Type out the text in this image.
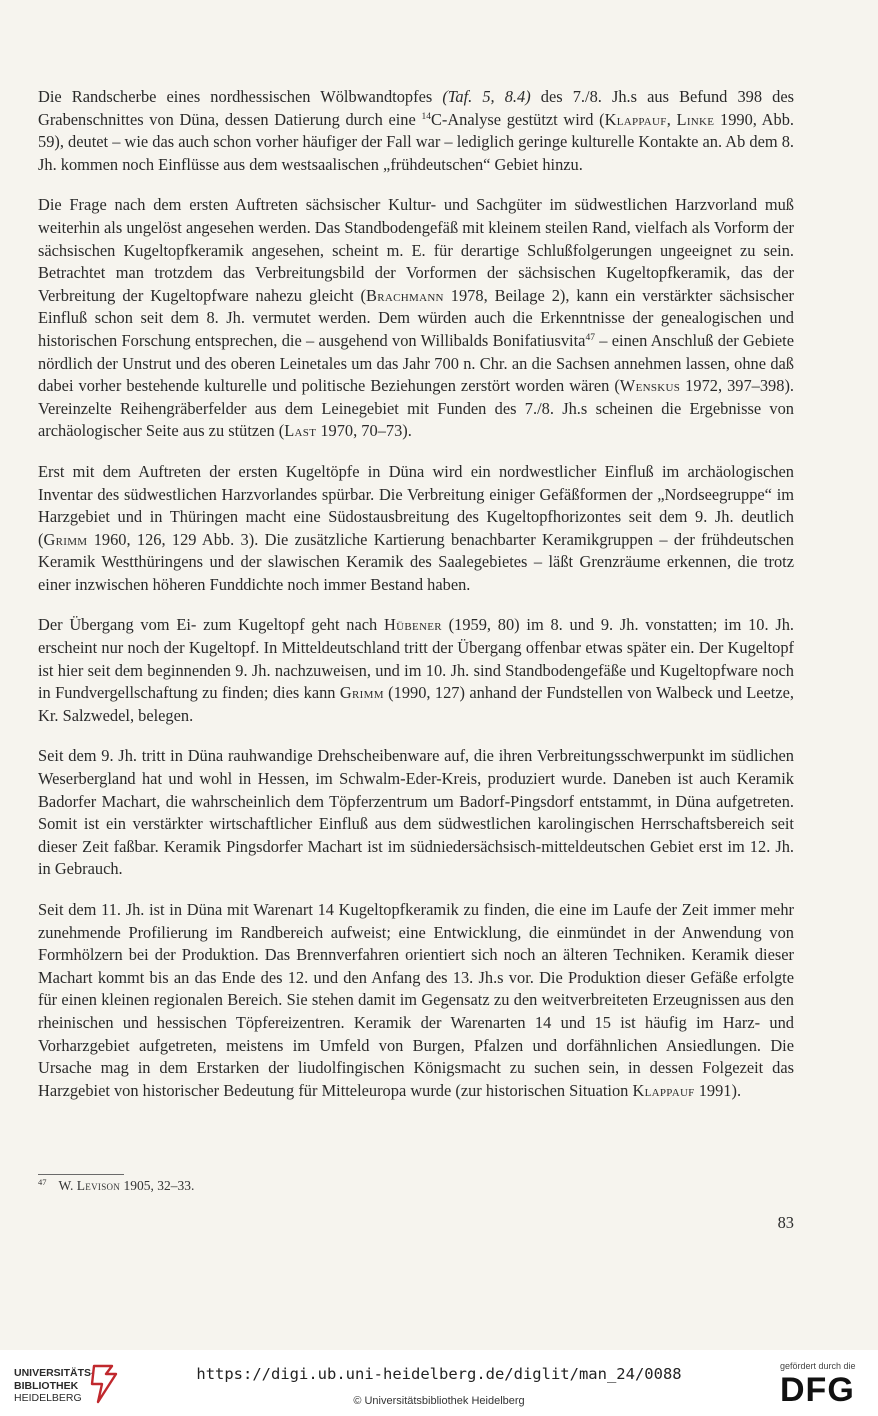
Die Randscherbe eines nordhessischen Wölbwandtopfes (Taf. 5, 8.4) des 7./8. Jh.s aus Befund 398 des Grabenschnittes von Düna, dessen Datierung durch eine $^{14}$C-Analyse gestützt wird (Klappauf, Linke 1990, Abb. 59), deutet – wie das auch schon vorher häufiger der Fall war – lediglich geringe kulturelle Kontakte an. Ab dem 8. Jh. kommen noch Einflüsse aus dem westsaalischen „frühdeutschen“ Gebiet hinzu.

Die Frage nach dem ersten Auftreten sächsischer Kultur- und Sachgüter im südwestlichen Harzvorland muß weiterhin als ungelöst angesehen werden. Das Standbodengefäß mit kleinem steilen Rand, vielfach als Vorform der sächsischen Kugeltopfkeramik angesehen, scheint m. E. für derartige Schlußfolgerungen ungeeignet zu sein. Betrachtet man trotzdem das Verbreitungsbild der Vorformen der sächsischen Kugeltopfkeramik, das der Verbreitung der Kugeltopfware nahezu gleicht (Brachmann 1978, Beilage 2), kann ein verstärkter sächsischer Einfluß schon seit dem 8. Jh. vermutet werden. Dem würden auch die Erkenntnisse der genealogischen und historischen Forschung entsprechen, die – ausgehend von Willibalds Bonifatiusvita$^{47}$ – einen Anschluß der Gebiete nördlich der Unstrut und des oberen Leinetales um das Jahr 700 n. Chr. an die Sachsen annehmen lassen, ohne daß dabei vorher bestehende kulturelle und politische Beziehungen zerstört worden wären (Wenskus 1972, 397–398). Vereinzelte Reihengräberfelder aus dem Leinegebiet mit Funden des 7./8. Jh.s scheinen die Ergebnisse von archäologischer Seite aus zu stützen (Last 1970, 70–73).

Erst mit dem Auftreten der ersten Kugeltöpfe in Düna wird ein nordwestlicher Einfluß im archäologischen Inventar des südwestlichen Harzvorlandes spürbar. Die Verbreitung einiger Gefäßformen der „Nordseegruppe“ im Harzgebiet und in Thüringen macht eine Südostausbreitung des Kugeltopfhorizontes seit dem 9. Jh. deutlich (Grimm 1960, 126, 129 Abb. 3). Die zusätzliche Kartierung benachbarter Keramikgruppen – der frühdeutschen Keramik Westthüringens und der slawischen Keramik des Saalegebietes – läßt Grenzräume erkennen, die trotz einer inzwischen höheren Funddichte noch immer Bestand haben.

Der Übergang vom Ei- zum Kugeltopf geht nach Hübener (1959, 80) im 8. und 9. Jh. vonstatten; im 10. Jh. erscheint nur noch der Kugeltopf. In Mitteldeutschland tritt der Übergang offenbar etwas später ein. Der Kugeltopf ist hier seit dem beginnenden 9. Jh. nachzuweisen, und im 10. Jh. sind Standbodengefäße und Kugeltopfware noch in Fundvergellschaftung zu finden; dies kann Grimm (1990, 127) anhand der Fundstellen von Walbeck und Leetze, Kr. Salzwedel, belegen.

Seit dem 9. Jh. tritt in Düna rauhwandige Drehscheibenware auf, die ihren Verbreitungsschwerpunkt im südlichen Weserbergland hat und wohl in Hessen, im Schwalm-Eder-Kreis, produziert wurde. Daneben ist auch Keramik Badorfer Machart, die wahrscheinlich dem Töpferzentrum um Badorf-Pingsdorf entstammt, in Düna aufgetreten. Somit ist ein verstärkter wirtschaftlicher Einfluß aus dem südwestlichen karolingischen Herrschaftsbereich seit dieser Zeit faßbar. Keramik Pingsdorfer Machart ist im südniedersächsisch-mitteldeutschen Gebiet erst im 12. Jh. in Gebrauch.

Seit dem 11. Jh. ist in Düna mit Warenart 14 Kugeltopfkeramik zu finden, die eine im Laufe der Zeit immer mehr zunehmende Profilierung im Randbereich aufweist; eine Entwicklung, die einmündet in der Anwendung von Formhölzern bei der Produktion. Das Brennverfahren orientiert sich noch an älteren Techniken. Keramik dieser Machart kommt bis an das Ende des 12. und den Anfang des 13. Jh.s vor. Die Produktion dieser Gefäße erfolgte für einen kleinen regionalen Bereich. Sie stehen damit im Gegensatz zu den weitverbreiteten Erzeugnissen aus den rheinischen und hessischen Töpfereizentren. Keramik der Warenarten 14 und 15 ist häufig im Harz- und Vorharzgebiet aufgetreten, meistens im Umfeld von Burgen, Pfalzen und dorfähnlichen Ansiedlungen. Die Ursache mag in dem Erstarken der liudolfingischen Königsmacht zu suchen sein, in dessen Folgezeit das Harzgebiet von historischer Bedeutung für Mitteleuropa wurde (zur historischen Situation Klappauf 1991).

$^{47}$ W. Levison 1905, 32–33.
83
UNIVERSITÄTS-
BIBLIOTHEK
HEIDELBERG
https://digi.ub.uni-heidelberg.de/diglit/man_24/0088
© Universitätsbibliothek Heidelberg
gefördert durch die
DFG
